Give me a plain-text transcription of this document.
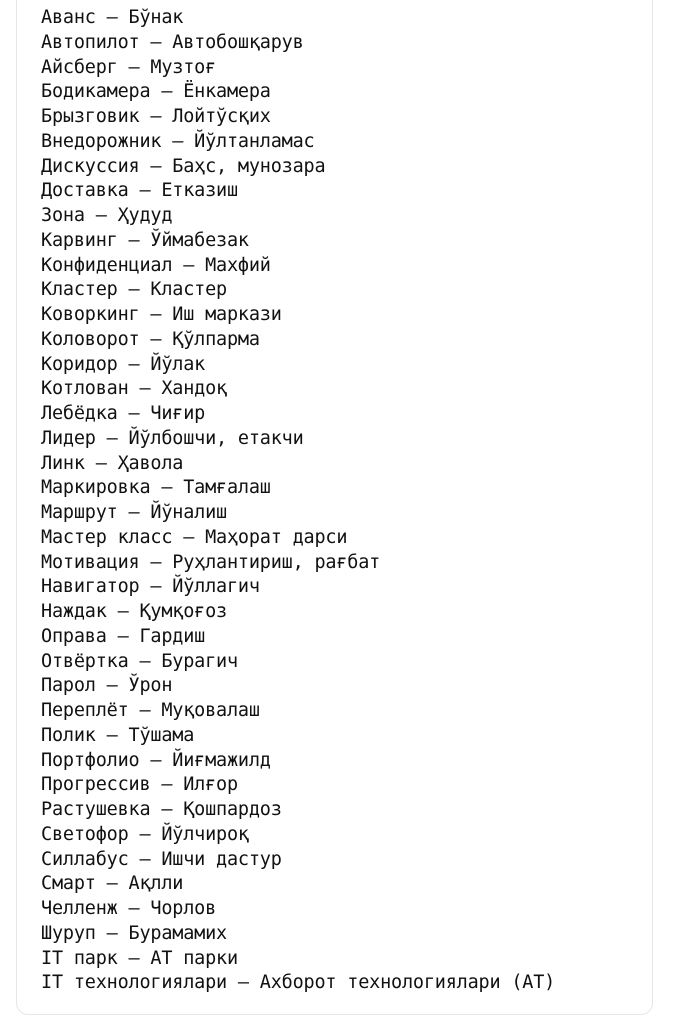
Аванс — Бўнак
Автопилот — Автобошқарув
Айсберг — Музтоғ
Бодикамера — Ёнкамера
Брызговик — Лойтўсқих
Внедорожник — Йўлтанламас
Дискуссия — Баҳс, мунозара
Доставка — Етказиш
Зона — Ҳудуд
Карвинг — Ўймабезак
Конфиденциал — Махфий
Кластер — Кластер
Коворкинг — Иш маркази
Коловорот — Қўлпарма
Коридор — Йўлак
Котлован — Хандоқ
Лебёдка — Чиғир
Лидер — Йўлбошчи, етакчи
Линк — Ҳавола
Маркировка — Тамғалаш
Маршрут — Йўналиш
Мастер класс — Маҳорат дарси
Мотивация — Руҳлантириш, рағбат
Навигатор — Йўллагич
Наждак — Қумқоғоз
Оправа — Гардиш
Отвёртка — Бурагич
Парол — Ўрон
Переплёт — Муқовалаш
Полик — Тўшама
Портфолио — Йиғмажилд
Прогрессив — Илғор
Растушевка — Қошпардоз
Светофор — Йўлчироқ
Силлабус — Ишчи дастур
Смарт — Ақлли
Челленж — Чорлов
Шуруп — Бурамамих
IT парк — АТ парки
IT технологиялари — Ахборот технологиялари (АТ)
